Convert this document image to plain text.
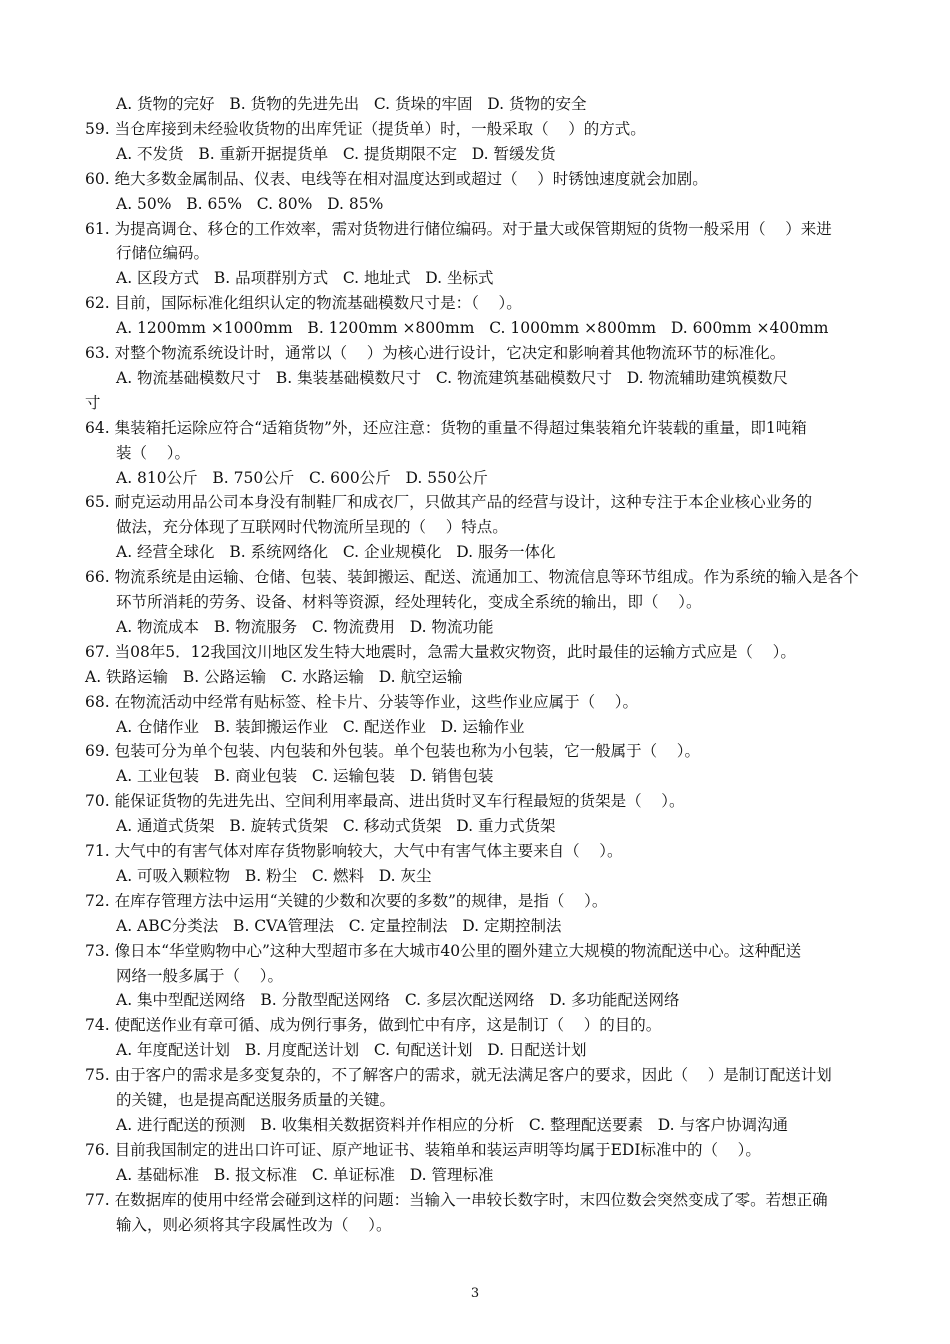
A. 货物的完好   B. 货物的先进先出   C. 货垛的牢固   D. 货物的安全
59. 当仓库接到未经验收货物的出库凭证（提货单）时，一般采取（    ）的方式。
A. 不发货   B. 重新开据提货单   C. 提货期限不定   D. 暂缓发货
60. 绝大多数金属制品、仪表、电线等在相对温度达到或超过（    ）时锈蚀速度就会加剧。
A. 50%   B. 65%   C. 80%   D. 85%
61. 为提高调仓、移仓的工作效率，需对货物进行储位编码。对于量大或保管期短的货物一般采用（    ）来进
行储位编码。
A. 区段方式   B. 品项群别方式   C. 地址式   D. 坐标式
62. 目前，国际标准化组织认定的物流基础模数尺寸是：（    ）。
A. 1200mm ×1000mm   B. 1200mm ×800mm   C. 1000mm ×800mm   D. 600mm ×400mm
63. 对整个物流系统设计时，通常以（    ）为核心进行设计，它决定和影响着其他物流环节的标准化。
A. 物流基础模数尺寸   B. 集装基础模数尺寸   C. 物流建筑基础模数尺寸   D. 物流辅助建筑模数尺
寸
64. 集装箱托运除应符合“适箱货物”外，还应注意：货物的重量不得超过集装箱允许装载的重量，即1吨箱
装（    ）。
A. 810公斤   B. 750公斤   C. 600公斤   D. 550公斤
65. 耐克运动用品公司本身没有制鞋厂和成衣厂，只做其产品的经营与设计，这种专注于本企业核心业务的
做法，充分体现了互联网时代物流所呈现的（    ）特点。
A. 经营全球化   B. 系统网络化   C. 企业规模化   D. 服务一体化
66. 物流系统是由运输、仓储、包装、装卸搬运、配送、流通加工、物流信息等环节组成。作为系统的输入是各个
环节所消耗的劳务、设备、材料等资源，经处理转化，变成全系统的输出，即（    ）。
A. 物流成本   B. 物流服务   C. 物流费用   D. 物流功能
67. 当08年5．12我国汶川地区发生特大地震时，急需大量救灾物资，此时最佳的运输方式应是（    ）。
A. 铁路运输   B. 公路运输   C. 水路运输   D. 航空运输
68. 在物流活动中经常有贴标签、栓卡片、分装等作业，这些作业应属于（    ）。
A. 仓储作业   B. 装卸搬运作业   C. 配送作业   D. 运输作业
69. 包装可分为单个包装、内包装和外包装。单个包装也称为小包装，它一般属于（    ）。
A. 工业包装   B. 商业包装   C. 运输包装   D. 销售包装
70. 能保证货物的先进先出、空间利用率最高、进出货时叉车行程最短的货架是（    ）。
A. 通道式货架   B. 旋转式货架   C. 移动式货架   D. 重力式货架
71. 大气中的有害气体对库存货物影响较大，大气中有害气体主要来自（    ）。
A. 可吸入颗粒物   B. 粉尘   C. 燃料   D. 灰尘
72. 在库存管理方法中运用“关键的少数和次要的多数”的规律，是指（    ）。
A. ABC分类法   B. CVA管理法   C. 定量控制法   D. 定期控制法
73. 像日本“华堂购物中心”这种大型超市多在大城市40公里的圈外建立大规模的物流配送中心。这种配送
网络一般多属于（    ）。
A. 集中型配送网络   B. 分散型配送网络   C. 多层次配送网络   D. 多功能配送网络
74. 使配送作业有章可循、成为例行事务，做到忙中有序，这是制订（    ）的目的。
A. 年度配送计划   B. 月度配送计划   C. 旬配送计划   D. 日配送计划
75. 由于客户的需求是多变复杂的，不了解客户的需求，就无法满足客户的要求，因此（    ）是制订配送计划
的关键，也是提高配送服务质量的关键。
A. 进行配送的预测   B. 收集相关数据资料并作相应的分析   C. 整理配送要素   D. 与客户协调沟通
76. 目前我国制定的进出口许可证、原产地证书、装箱单和装运声明等均属于EDI标准中的（    ）。
A. 基础标准   B. 报文标准   C. 单证标准   D. 管理标准
77. 在数据库的使用中经常会碰到这样的问题：当输入一串较长数字时，末四位数会突然变成了零。若想正确
输入，则必须将其字段属性改为（    ）。
3
